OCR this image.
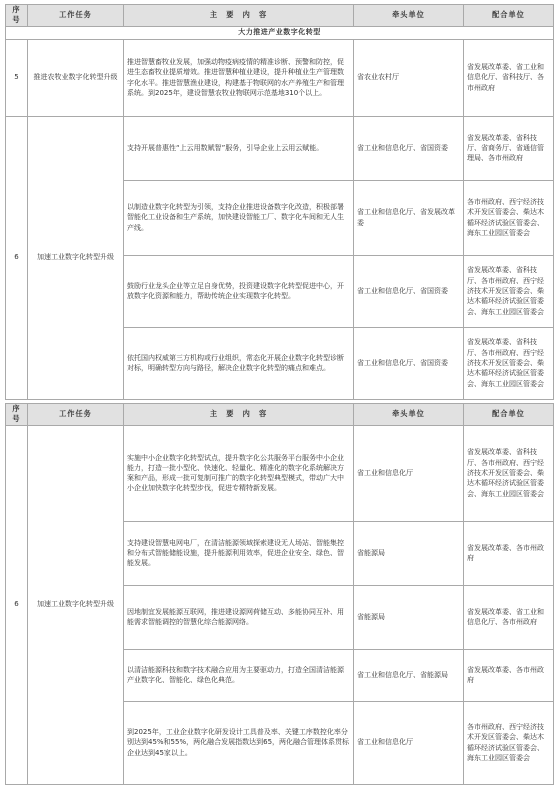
序号	工作任务	主　要　内　容	牵头单位	配合单位
大力推进产业数字化转型				
5	推进农牧业数字化转型升级	推进智慧畜牧业发展，加强动物疫病疫情的精准诊断、预警和防控，促进生态畜牧业提质增效。推进智慧种植业建设，提升种植业生产管理数字化水平。推进智慧渔业建设，构建基于物联网的水产养殖生产和管理系统。到2025年，建设智慧农牧业物联网示范基地310个以上。	省农业农村厅	省发展改革委、省工业和信息化厅、省科技厅、各市州政府
6	加速工业数字化转型升级	支持开展普惠性“上云用数赋智”服务，引导企业上云用云赋能。	省工业和信息化厅、省国资委	省发展改革委、省科技厅、省商务厅、省通信管理局、各市州政府
		以制造业数字化转型为引领，支持企业推进设备数字化改造，积极部署智能化工业设备和生产系统，加快建设智能工厂、数字化车间和无人生产线。	省工业和信息化厅、省发展改革委	各市州政府、西宁经济技术开发区管委会、柴达木循环经济试验区管委会、海东工业园区管委会
		鼓励行业龙头企业等立足自身优势，投资建设数字化转型促进中心，开放数字化资源和能力，帮助传统企业实现数字化转型。	省工业和信息化厅、省国资委	省发展改革委、省科技厅、各市州政府、西宁经济技术开发区管委会、柴达木循环经济试验区管委会、海东工业园区管委会
		依托国内权威第三方机构或行业组织，常态化开展企业数字化转型诊断对标，明确转型方向与路径，解决企业数字化转型的痛点和难点。	省工业和信息化厅、省国资委	省发展改革委、省科技厅、各市州政府、西宁经济技术开发区管委会、柴达木循环经济试验区管委会、海东工业园区管委会
序号	工作任务	主　要　内　容	牵头单位	配合单位
6	加速工业数字化转型升级	实施中小企业数字化转型试点，提升数字化公共服务平台服务中小企业能力，打造一批小型化、快速化、轻量化、精准化的数字化系统解决方案和产品，形成一批可复制可推广的数字化转型典型模式，带动广大中小企业加快数字化转型步伐，促进专精特新发展。	省工业和信息化厅	省发展改革委、省科技厅、各市州政府、西宁经济技术开发区管委会、柴达木循环经济试验区管委会、海东工业园区管委会
		支持建设智慧电网电厂，在清洁能源领域探索建设无人场站、智能集控和分布式智能储能设施，提升能源利用效率，促进企业安全、绿色、智能发展。	省能源局	省发展改革委、各市州政府
		因地制宜发展能源互联网，推进建设源网荷储互动、多能协同互补、用能需求智能调控的智慧化综合能源网络。	省能源局	省发展改革委、省工业和信息化厅、各市州政府
		以清洁能源科技和数字技术融合应用为主要驱动力，打造全国清洁能源产业数字化、智能化、绿色化典范。	省工业和信息化厅、省能源局	省发展改革委、各市州政府
		到2025年，工业企业数字化研发设计工具普及率、关键工序数控化率分别达到45%和55%，两化融合发展指数达到65，两化融合管理体系贯标企业达到45家以上。	省工业和信息化厅	各市州政府、西宁经济技术开发区管委会、柴达木循环经济试验区管委会、海东工业园区管委会
